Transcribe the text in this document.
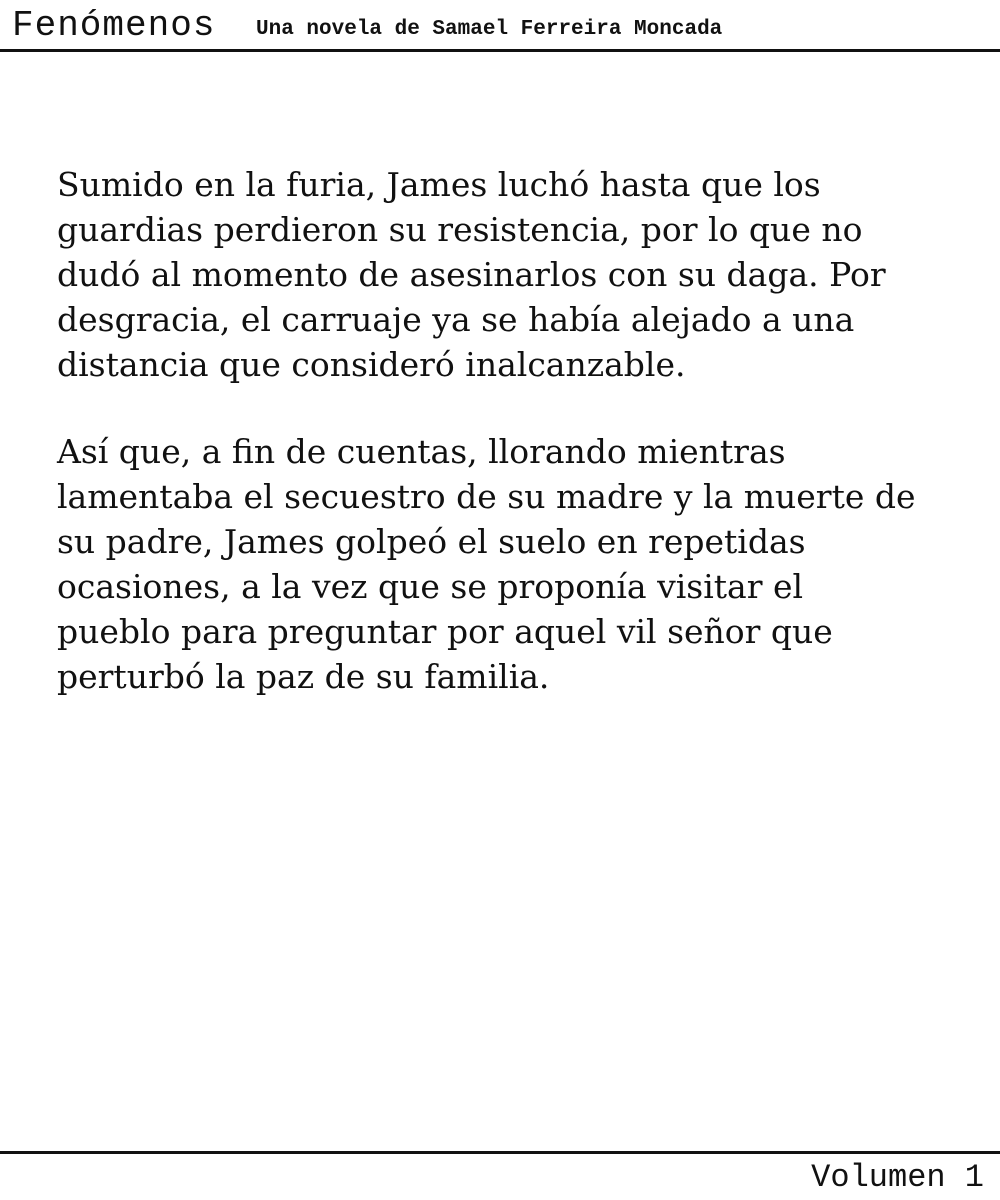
Fenómenos Una novela de Samael Ferreira Moncada

Sumido en la furia, James luchó hasta que los
guardias perdieron su resistencia, por lo que no
dudó al momento de asesinarlos con su daga. Por
desgracia, el carruaje ya se había alejado a una
distancia que consideró inalcanzable.

Así que, a fin de cuentas, llorando mientras
lamentaba el secuestro de su madre y la muerte de
su padre, James golpeó el suelo en repetidas
ocasiones, a la vez que se proponía visitar el
pueblo para preguntar por aquel vil señor que
perturbó la paz de su familia.

Volumen 1
